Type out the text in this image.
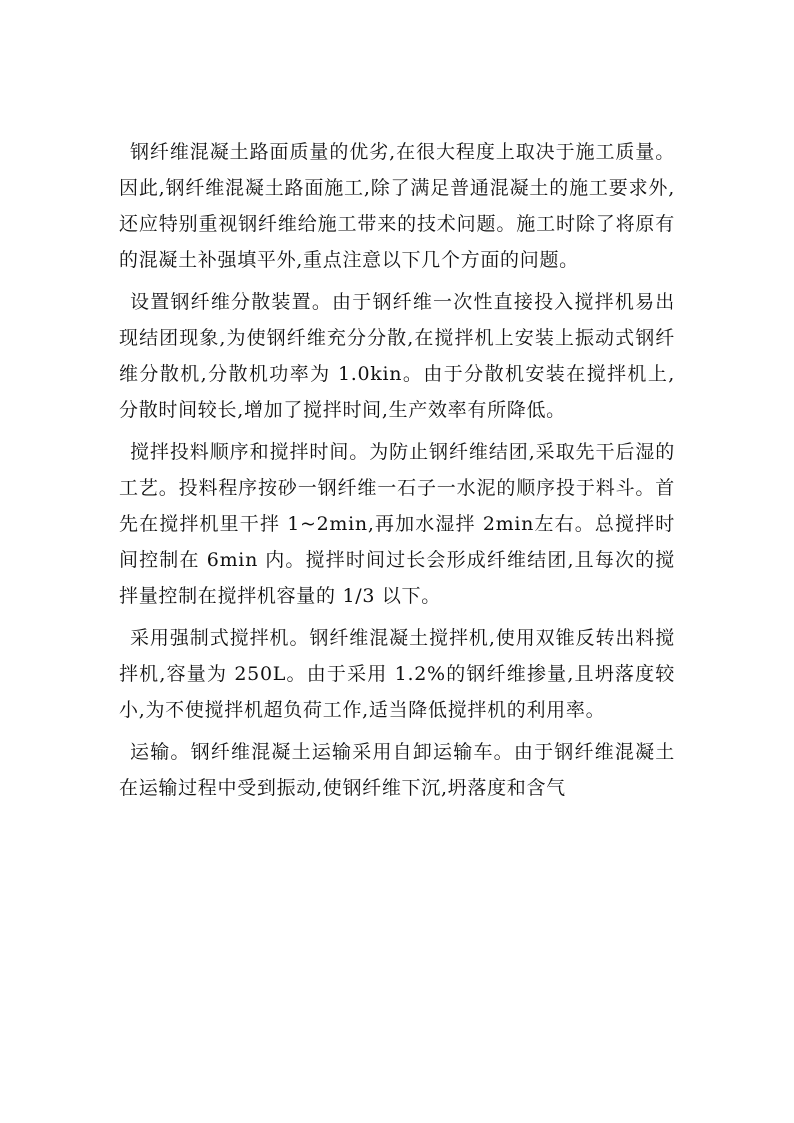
钢纤维混凝土路面质量的优劣,在很大程度上取决于施工质量。因此,钢纤维混凝土路面施工,除了满足普通混凝土的施工要求外,还应特别重视钢纤维给施工带来的技术问题。施工时除了将原有的混凝土补强填平外,重点注意以下几个方面的问题。

设置钢纤维分散装置。由于钢纤维一次性直接投入搅拌机易出现结团现象,为使钢纤维充分分散,在搅拌机上安装上振动式钢纤维分散机,分散机功率为 1.0kin。由于分散机安装在搅拌机上,分散时间较长,增加了搅拌时间,生产效率有所降低。

搅拌投料顺序和搅拌时间。为防止钢纤维结团,采取先干后湿的工艺。投料程序按砂一钢纤维一石子一水泥的顺序投于料斗。首先在搅拌机里干拌 1~2min,再加水湿拌 2min左右。总搅拌时间控制在 6min 内。搅拌时间过长会形成纤维结团,且每次的搅拌量控制在搅拌机容量的 1/3 以下。

采用强制式搅拌机。钢纤维混凝土搅拌机,使用双锥反转出料搅拌机,容量为 250L。由于采用 1.2%的钢纤维掺量,且坍落度较小,为不使搅拌机超负荷工作,适当降低搅拌机的利用率。

运输。钢纤维混凝土运输采用自卸运输车。由于钢纤维混凝土在运输过程中受到振动,使钢纤维下沉,坍落度和含气
